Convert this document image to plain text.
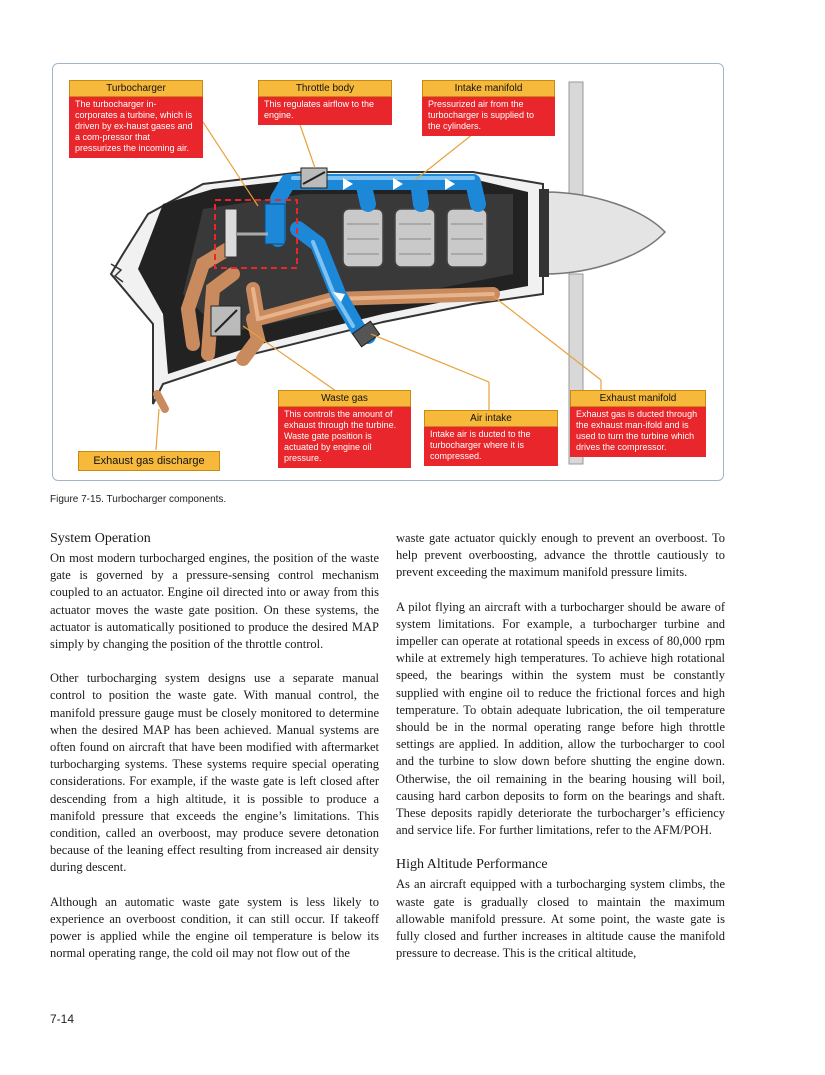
Turbocharger
The turbocharger in-corporates a turbine, which is driven by ex-haust gases and a com-pressor that pressurizes the incoming air.
Throttle body
This regulates airflow to the engine.
Intake manifold
Pressurized air from the turbocharger is supplied to the cylinders.
Waste gas
This controls the amount of exhaust through the turbine. Waste gate position is actuated by engine oil pressure.
Air intake
Intake air is ducted to the turbocharger where it is compressed.
Exhaust manifold
Exhaust gas is ducted through the exhaust man-ifold and is used to turn the turbine which drives the compressor.
Exhaust gas discharge
Figure 7-15. Turbocharger components.
System Operation

On most modern turbocharged engines, the position of the waste gate is governed by a pressure-sensing control mechanism coupled to an actuator. Engine oil directed into or away from this actuator moves the waste gate position. On these systems, the actuator is automatically positioned to produce the desired MAP simply by changing the position of the throttle control.

Other turbocharging system designs use a separate manual control to position the waste gate. With manual control, the manifold pressure gauge must be closely monitored to determine when the desired MAP has been achieved. Manual systems are often found on aircraft that have been modified with aftermarket turbocharging systems. These systems require special operating considerations. For example, if the waste gate is left closed after descending from a high altitude, it is possible to produce a manifold pressure that exceeds the engine’s limitations. This condition, called an overboost, may produce severe detonation because of the leaning effect resulting from increased air density during descent.

Although an automatic waste gate system is less likely to experience an overboost condition, it can still occur. If takeoff power is applied while the engine oil temperature is below its normal operating range, the cold oil may not flow out of the

waste gate actuator quickly enough to prevent an overboost. To help prevent overboosting, advance the throttle cautiously to prevent exceeding the maximum manifold pressure limits.

A pilot flying an aircraft with a turbocharger should be aware of system limitations. For example, a turbocharger turbine and impeller can operate at rotational speeds in excess of 80,000 rpm while at extremely high temperatures. To achieve high rotational speed, the bearings within the system must be constantly supplied with engine oil to reduce the frictional forces and high temperature. To obtain adequate lubrication, the oil temperature should be in the normal operating range before high throttle settings are applied. In addition, allow the turbocharger to cool and the turbine to slow down before shutting the engine down. Otherwise, the oil remaining in the bearing housing will boil, causing hard carbon deposits to form on the bearings and shaft. These deposits rapidly deteriorate the turbocharger’s efficiency and service life. For further limitations, refer to the AFM/POH.

High Altitude Performance

As an aircraft equipped with a turbocharging system climbs, the waste gate is gradually closed to maintain the maximum allowable manifold pressure. At some point, the waste gate is fully closed and further increases in altitude cause the manifold pressure to decrease. This is the critical altitude,

7-14
